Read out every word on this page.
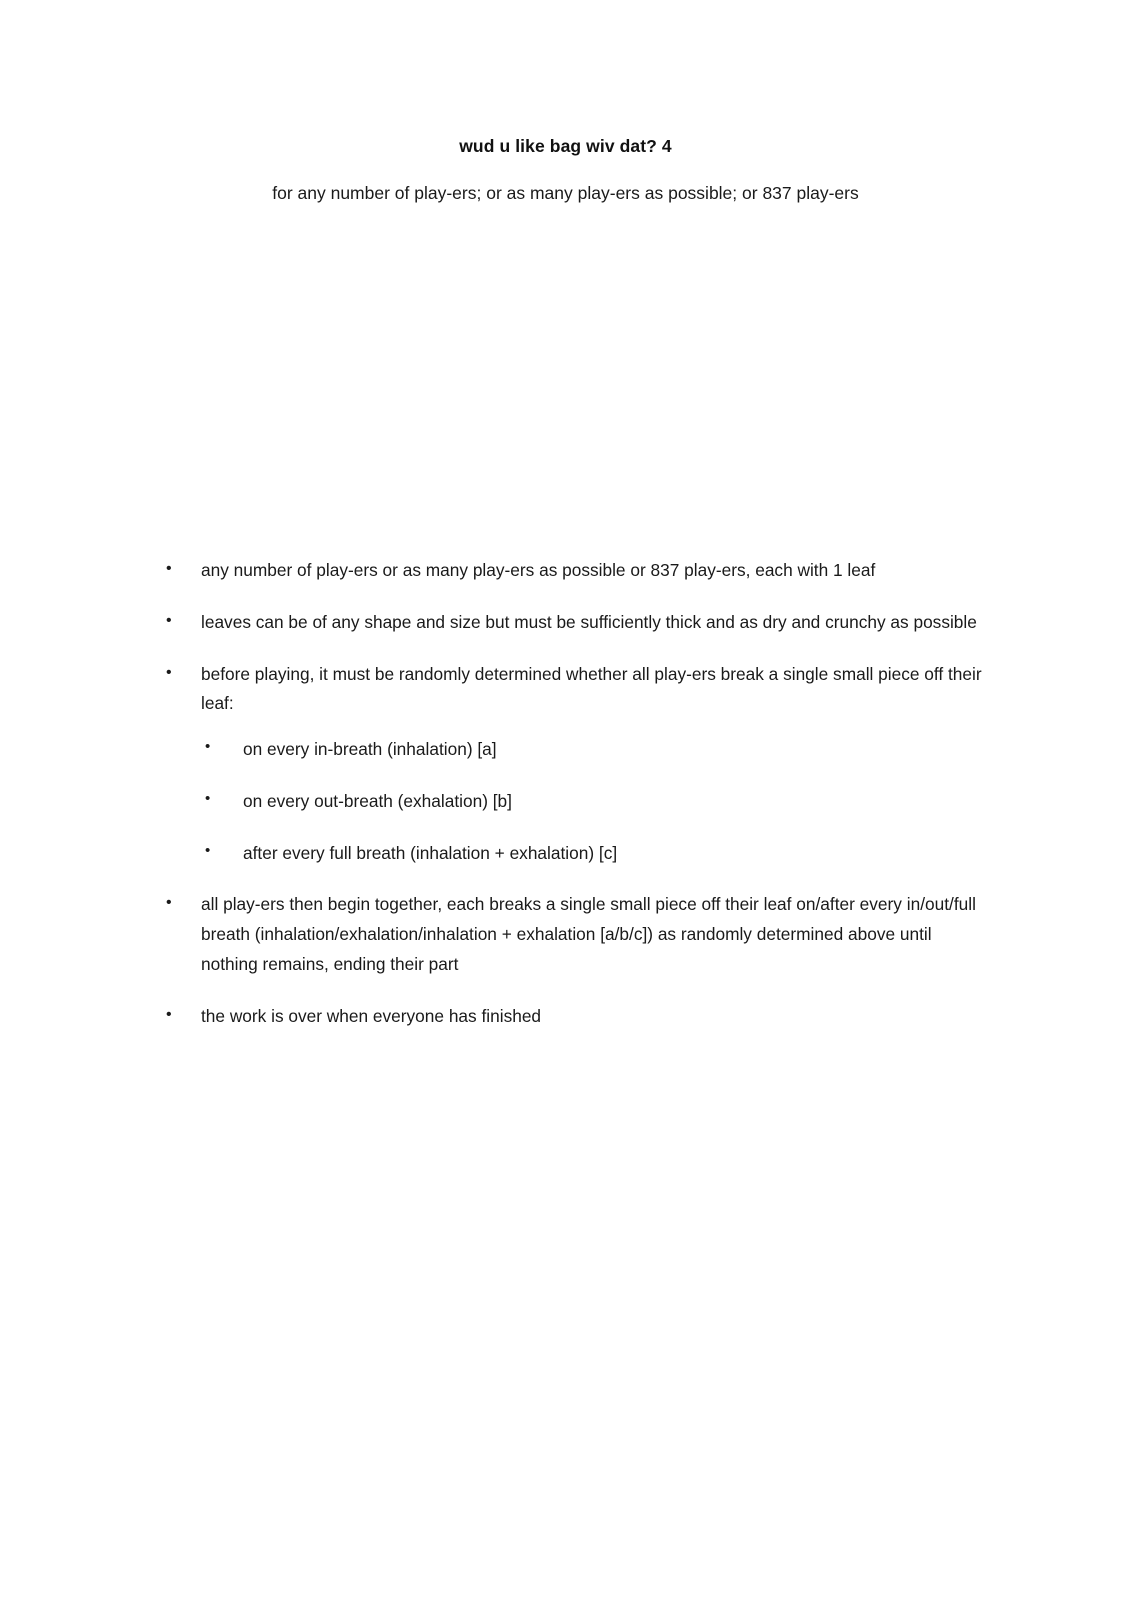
wud u like bag wiv dat? 4
for any number of play-ers; or as many play-ers as possible; or 837 play-ers
• any number of play-ers or as many play-ers as possible or 837 play-ers, each with 1 leaf
• leaves can be of any shape and size but must be sufficiently thick and as dry and crunchy as possible
• before playing, it must be randomly determined whether all play-ers break a single small piece off their leaf:
• on every in-breath (inhalation) [a]
• on every out-breath (exhalation) [b]
• after every full breath (inhalation + exhalation) [c]
• all play-ers then begin together, each breaks a single small piece off their leaf on/after every in/out/full breath (inhalation/exhalation/inhalation + exhalation [a/b/c]) as randomly determined above until nothing remains, ending their part
• the work is over when everyone has finished
